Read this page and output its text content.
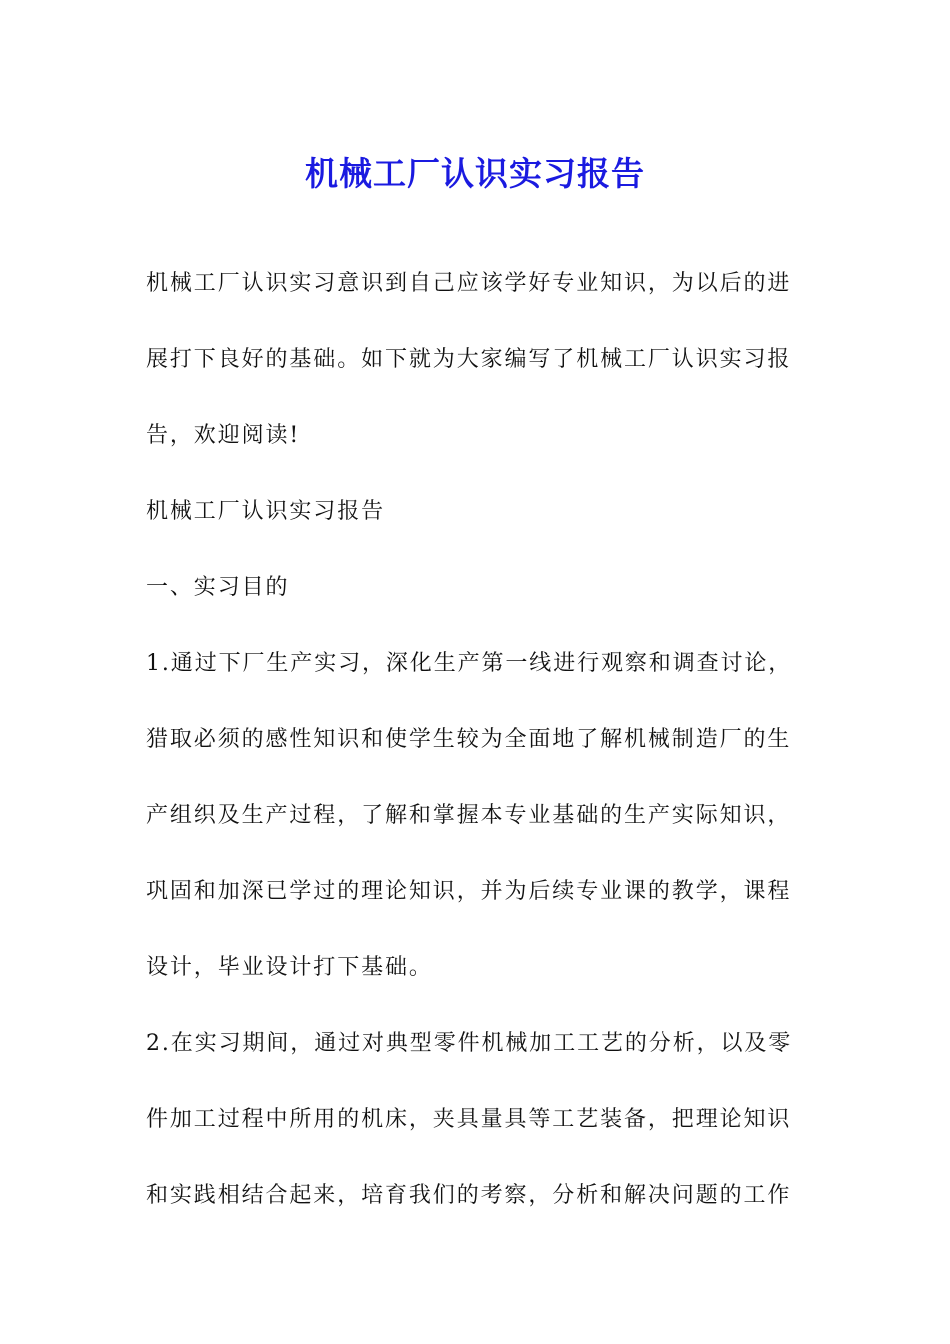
机械工厂认识实习报告

机械工厂认识实习意识到自己应该学好专业知识，为以后的进展打下良好的基础。如下就为大家编写了机械工厂认识实习报告，欢迎阅读!

机械工厂认识实习报告

一、实习目的

1.通过下厂生产实习，深化生产第一线进行观察和调查讨论，猎取必须的感性知识和使学生较为全面地了解机械制造厂的生产组织及生产过程，了解和掌握本专业基础的生产实际知识，巩固和加深已学过的理论知识，并为后续专业课的教学，课程设计，毕业设计打下基础。

2.在实习期间，通过对典型零件机械加工工艺的分析，以及零件加工过程中所用的机床，夹具量具等工艺装备，把理论知识和实践相结合起来，培育我们的考察，分析和解决问题的工作
